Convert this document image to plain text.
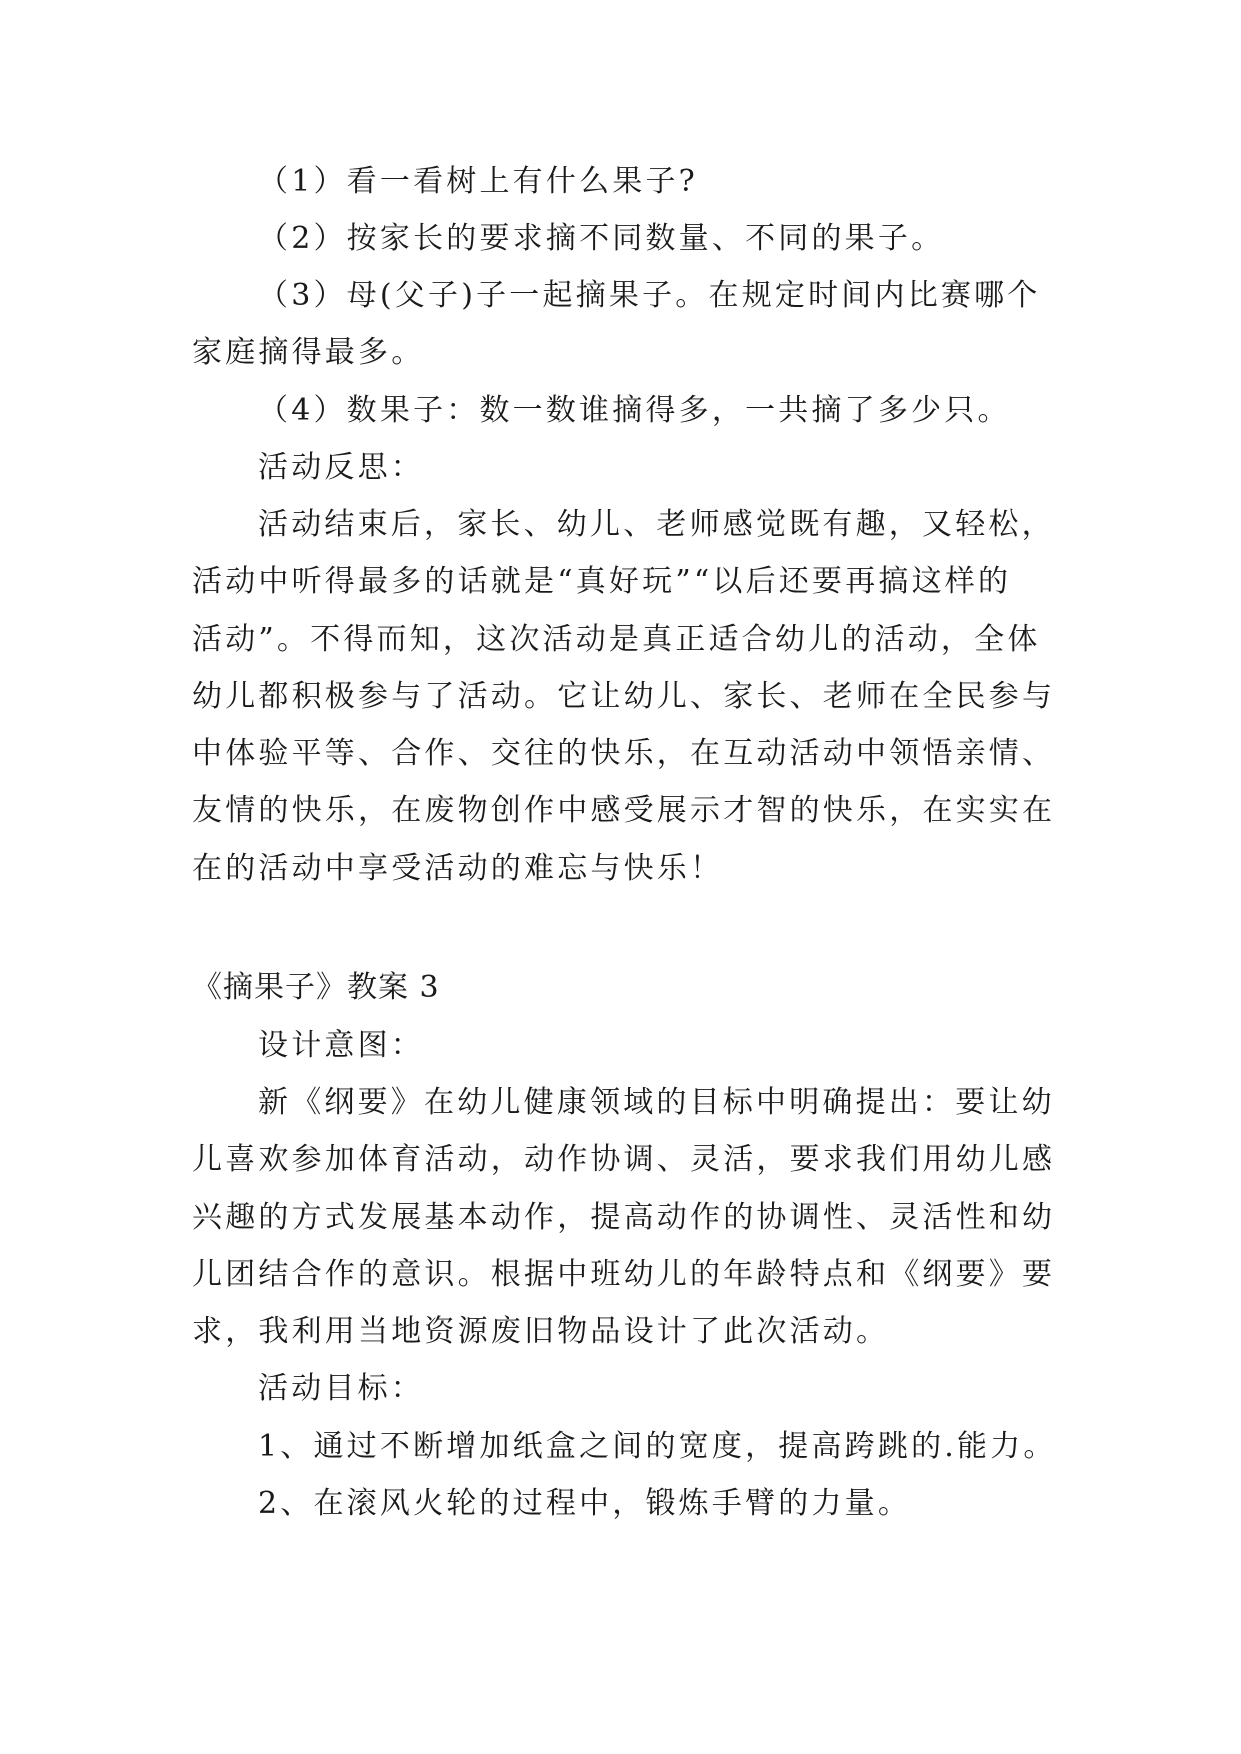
（1）看一看树上有什么果子?
（2）按家长的要求摘不同数量、不同的果子。
（3）母(父子)子一起摘果子。在规定时间内比赛哪个
家庭摘得最多。
（4）数果子：数一数谁摘得多，一共摘了多少只。
活动反思：
活动结束后，家长、幼儿、老师感觉既有趣，又轻松，
活动中听得最多的话就是“真好玩”“以后还要再搞这样的
活动”。不得而知，这次活动是真正适合幼儿的活动，全体
幼儿都积极参与了活动。它让幼儿、家长、老师在全民参与
中体验平等、合作、交往的快乐，在互动活动中领悟亲情、
友情的快乐，在废物创作中感受展示才智的快乐，在实实在
在的活动中享受活动的难忘与快乐！
《摘果子》教案 3
设计意图：
新《纲要》在幼儿健康领域的目标中明确提出：要让幼
儿喜欢参加体育活动，动作协调、灵活，要求我们用幼儿感
兴趣的方式发展基本动作，提高动作的协调性、灵活性和幼
儿团结合作的意识。根据中班幼儿的年龄特点和《纲要》要
求，我利用当地资源废旧物品设计了此次活动。
活动目标：
1、通过不断增加纸盒之间的宽度，提高跨跳的.能力。
2、在滚风火轮的过程中，锻炼手臂的力量。
